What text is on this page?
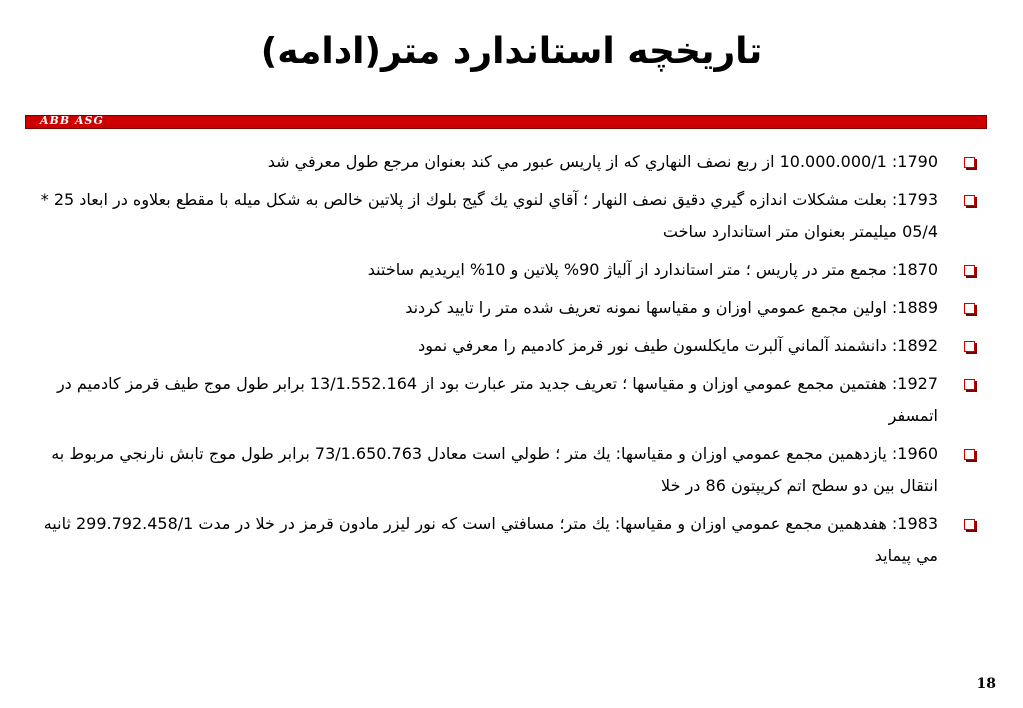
تاريخچه استاندارد متر(ادامه)
ABB ASG
1790: 10.000.000/1 از ربع نصف النهاري كه از پاريس عبور مي كند بعنوان مرجع طول معرفي شد
1793: بعلت مشكلات اندازه گيري دقيق نصف النهار ؛ آقاي لنوي يك گيج بلوك از پلاتين خالص به شكل ميله با مقطع بعلاوه در ابعاد 25 * 05/4 ميليمتر بعنوان متر استاندارد ساخت
1870: مجمع متر در پاريس ؛ متر استاندارد از آلياژ 90% پلاتين و 10% ايريديم ساختند
1889: اولين مجمع عمومي اوزان و مقياسها نمونه تعريف شده متر را تاييد كردند
1892: دانشمند آلماني آلبرت مايكلسون طيف نور قرمز كادميم را معرفي نمود
1927: هفتمين مجمع عمومي اوزان و مقياسها ؛ تعريف جديد متر عبارت بود از 13/1.552.164 برابر طول موج طيف قرمز كادميم در اتمسفر
1960: يازدهمين مجمع عمومي اوزان و مقياسها: يك متر ؛ طولي است معادل 73/1.650.763 برابر طول موج تابش نارنجي مربوط به انتقال بين دو سطح اتم كريپتون 86 در خلا
1983: هفدهمين مجمع عمومي اوزان و مقياسها: يك متر؛ مسافتي است كه نور ليزر مادون قرمز در خلا در مدت 299.792.458/1 ثانيه مي پيمايد
18
